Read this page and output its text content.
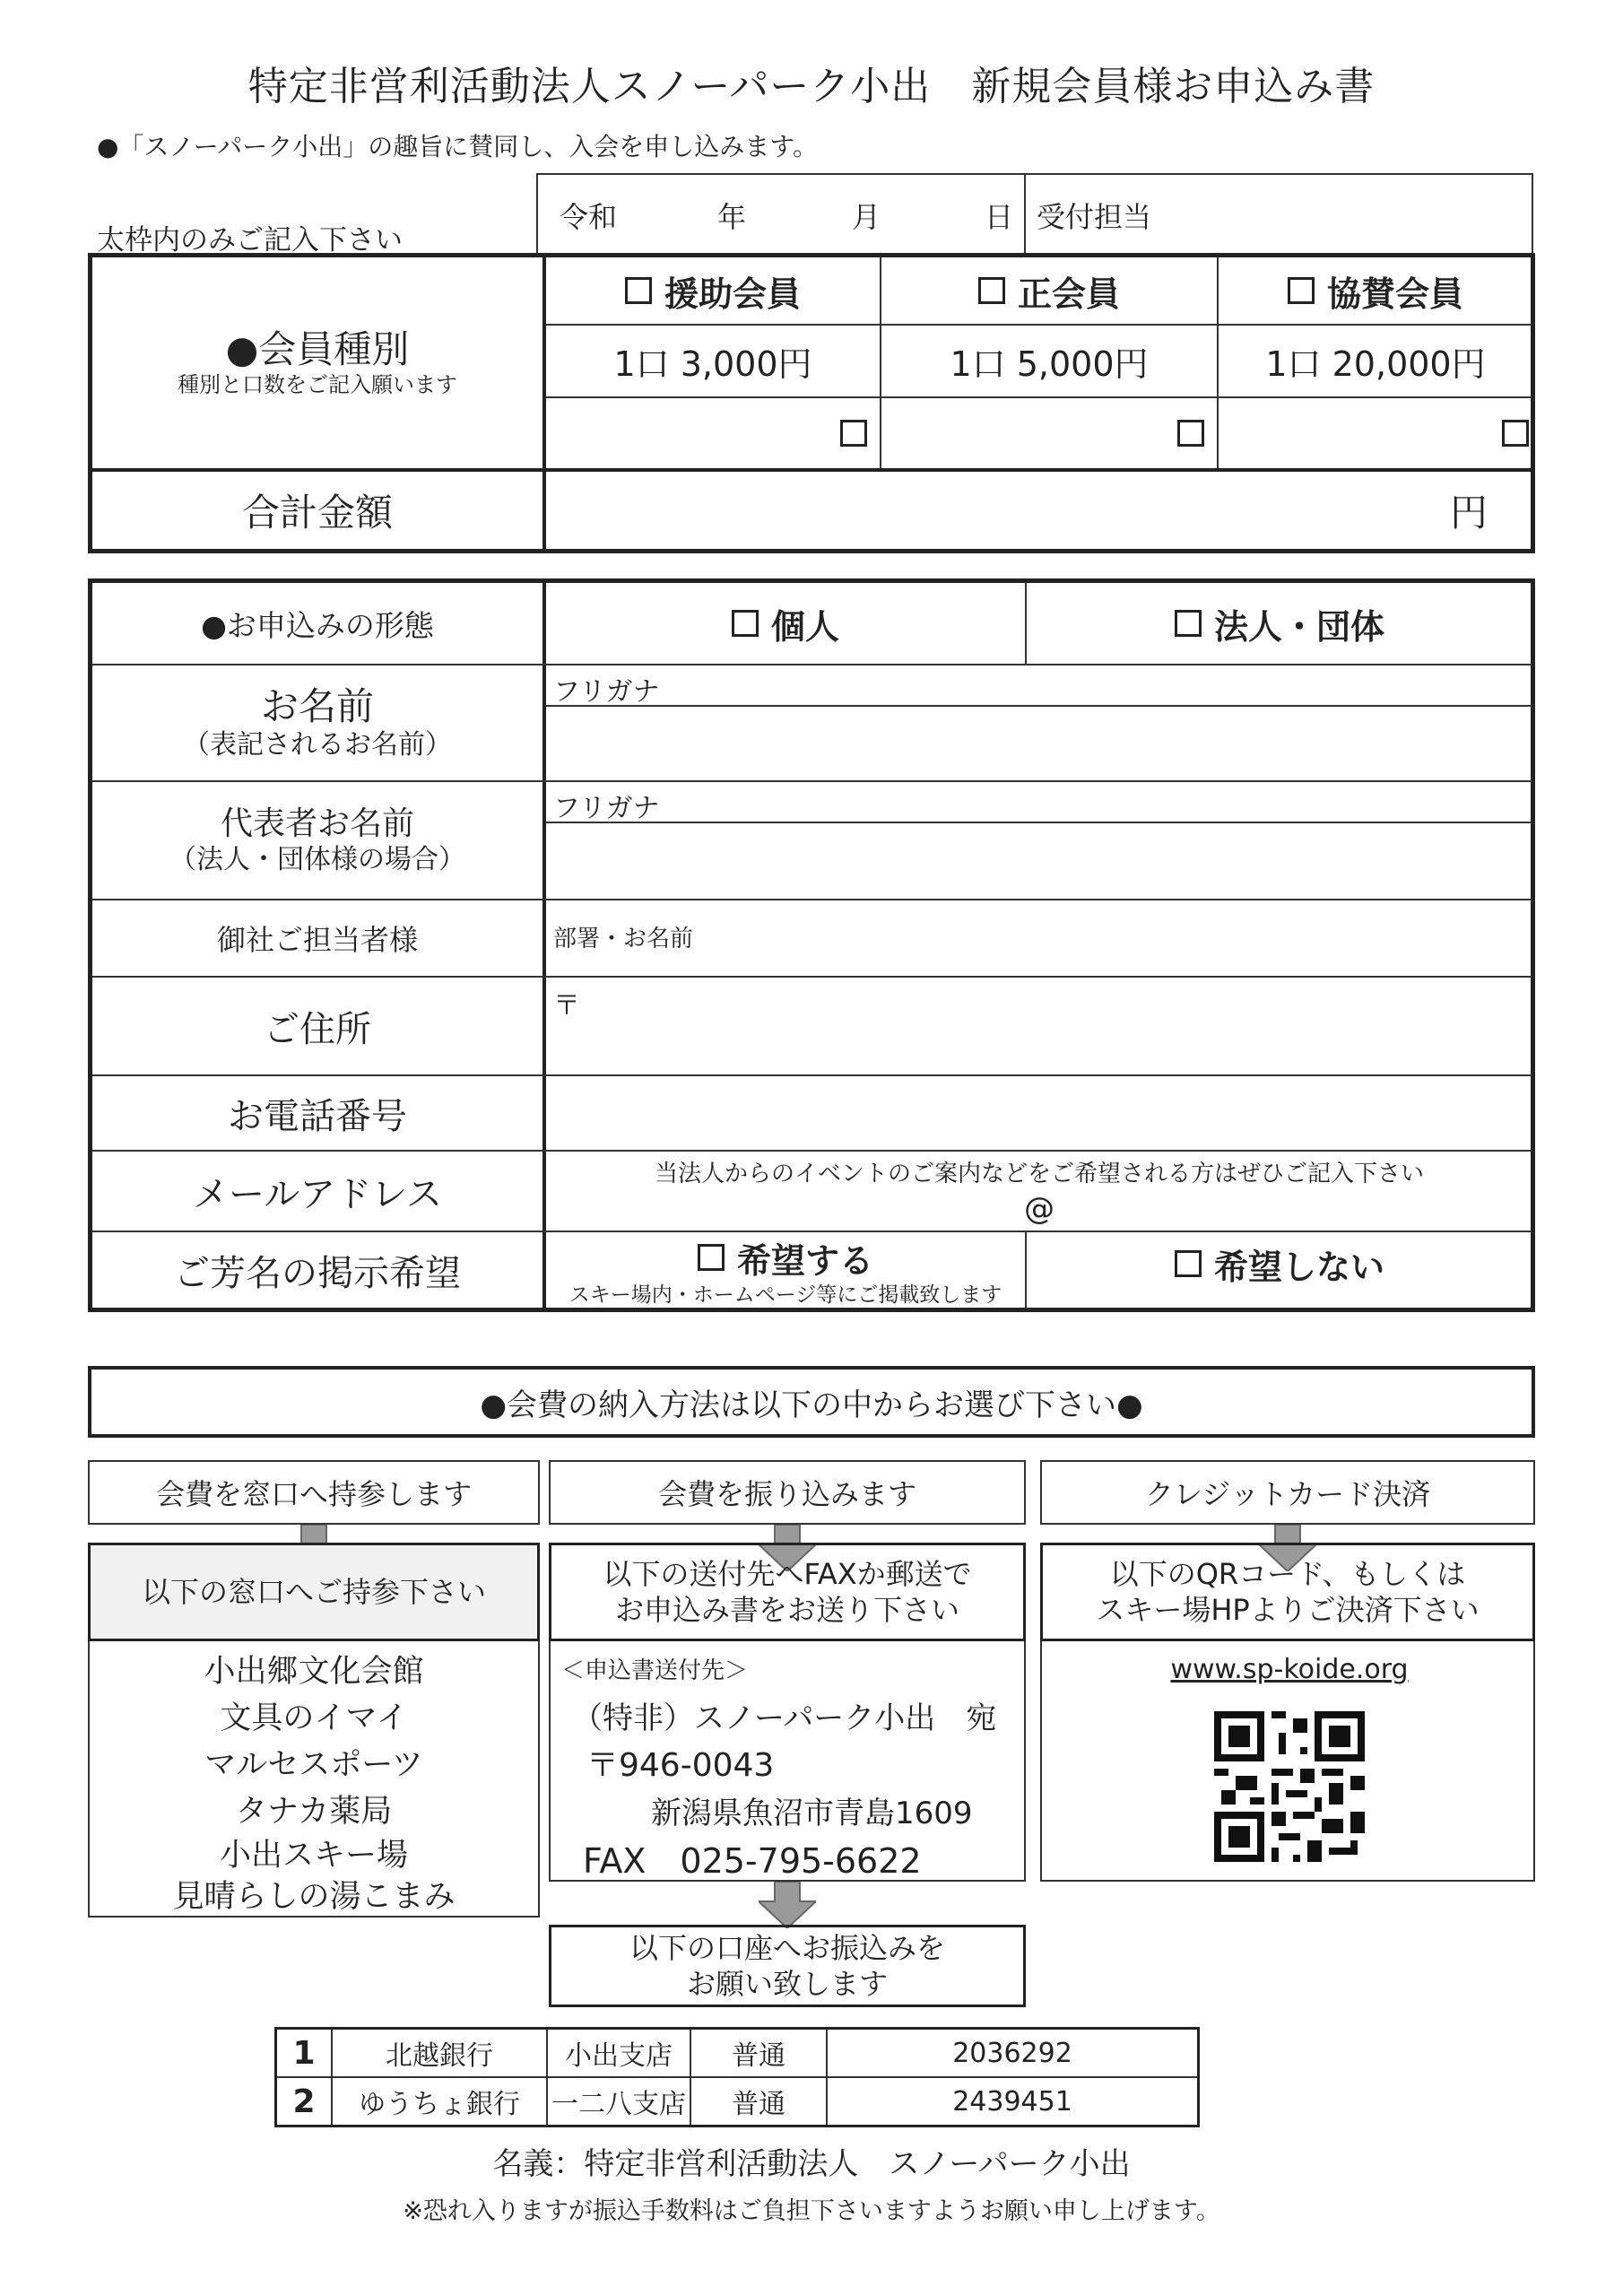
特定非営利活動法人スノーパーク小出　新規会員様お申込み書
●「スノーパーク小出」の趣旨に賛同し、入会を申し込みます。
太枠内のみご記入下さい
令和	年	月	日 受付担当
●会員種別
種別と口数をご記入願います
援助会員	正会員	協賛会員
1口 3,000円	1口 5,000円	1口 20,000円
合計金額	円
●お申込みの形態	個人	法人・団体
お名前
（表記されるお名前）
フリガナ
代表者お名前
（法人・団体様の場合）
フリガナ
御社ご担当者様	部署・お名前
ご住所
〒
お電話番号
メールアドレス	当法人からのイベントのご案内などをご希望される方はぜひご記入下さい
@
ご芳名の掲示希望	希望する
スキー場内・ホームページ等にご掲載致します
希望しない
●会費の納入方法は以下の中からお選び下さい●
会費を窓口へ持参します
以下の窓口へご持参下さい
小出郷文化会館
文具のイマイ
マルセスポーツ
タナカ薬局
小出スキー場
見晴らしの湯こまみ
会費を振り込みます
以下の送付先へFAXか郵送で
お申込み書をお送り下さい
＜申込書送付先＞
（特非）スノーパーク小出　宛
〒946-0043
新潟県魚沼市青島1609
FAX　025-795-6622
以下の口座へお振込みを
お願い致します
クレジットカード決済
以下のQRコード、もしくは
スキー場HPよりご決済下さい
www.sp-koide.org
1	北越銀行	小出支店	普通	2036292
2	ゆうちょ銀行	一二八支店	普通	2439451
名義：特定非営利活動法人　スノーパーク小出
※恐れ入りますが振込手数料はご負担下さいますようお願い申し上げます。
